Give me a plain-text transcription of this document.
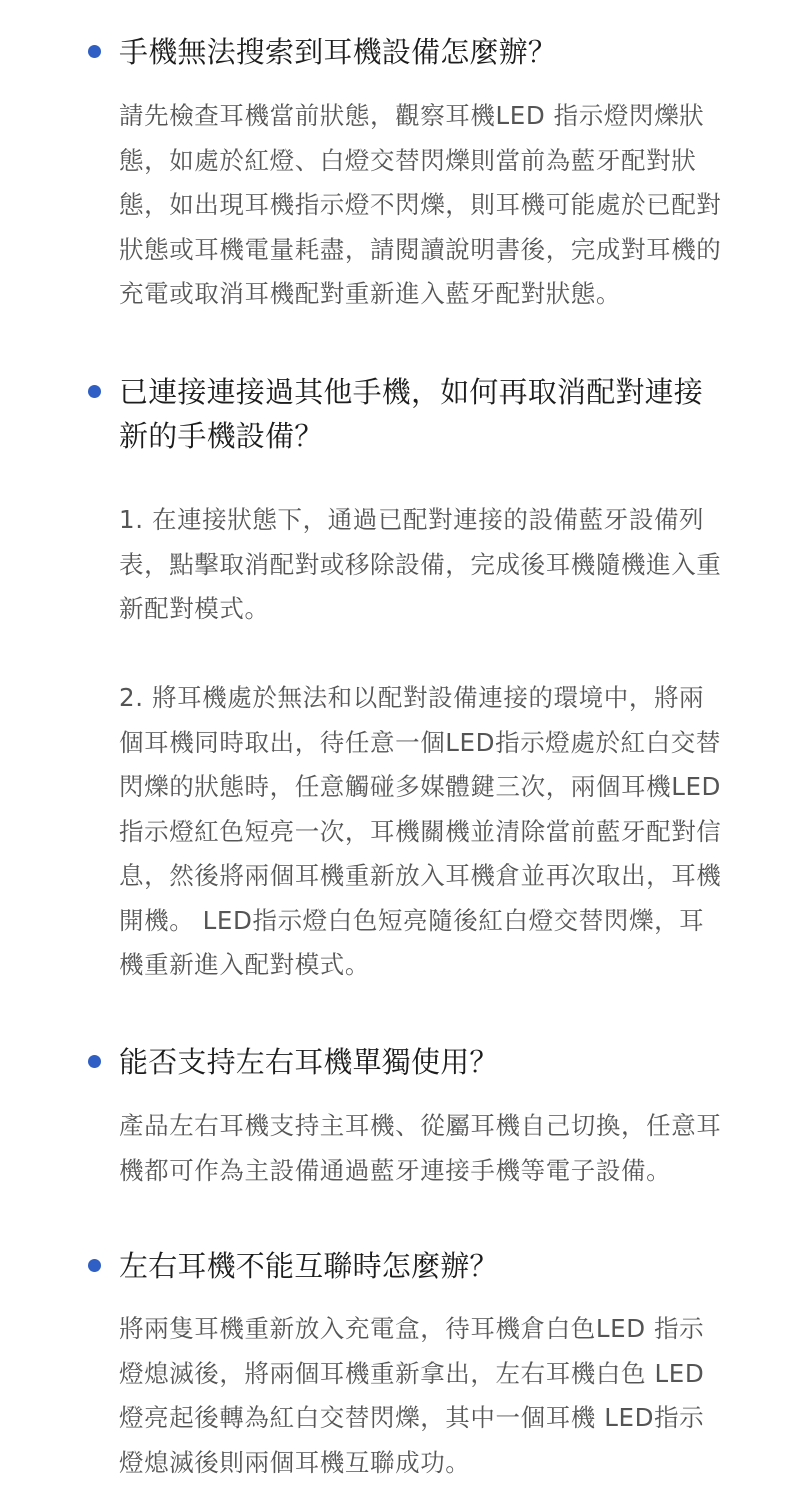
手機無法搜索到耳機設備怎麼辦？

請先檢查耳機當前狀態，觀察耳機LED 指示燈閃爍狀態，如處於紅燈、白燈交替閃爍則當前為藍牙配對狀態，如出現耳機指示燈不閃爍，則耳機可能處於已配對狀態或耳機電量耗盡，請閱讀說明書後，完成對耳機的充電或取消耳機配對重新進入藍牙配對狀態。

已連接連接過其他手機，如何再取消配對連接新的手機設備？

1. 在連接狀態下，通過已配對連接的設備藍牙設備列表，點擊取消配對或移除設備，完成後耳機隨機進入重新配對模式。

2. 將耳機處於無法和以配對設備連接的環境中，將兩個耳機同時取出，待任意一個LED指示燈處於紅白交替閃爍的狀態時，任意觸碰多媒體鍵三次，兩個耳機LED 指示燈紅色短亮一次，耳機關機並清除當前藍牙配對信息，然後將兩個耳機重新放入耳機倉並再次取出，耳機開機。 LED指示燈白色短亮隨後紅白燈交替閃爍，耳機重新進入配對模式。

能否支持左右耳機單獨使用？

產品左右耳機支持主耳機、從屬耳機自己切換，任意耳機都可作為主設備通過藍牙連接手機等電子設備。

左右耳機不能互聯時怎麼辦？

將兩隻耳機重新放入充電盒，待耳機倉白色LED 指示燈熄滅後，將兩個耳機重新拿出，左右耳機白色 LED 燈亮起後轉為紅白交替閃爍，其中一個耳機 LED指示燈熄滅後則兩個耳機互聯成功。
